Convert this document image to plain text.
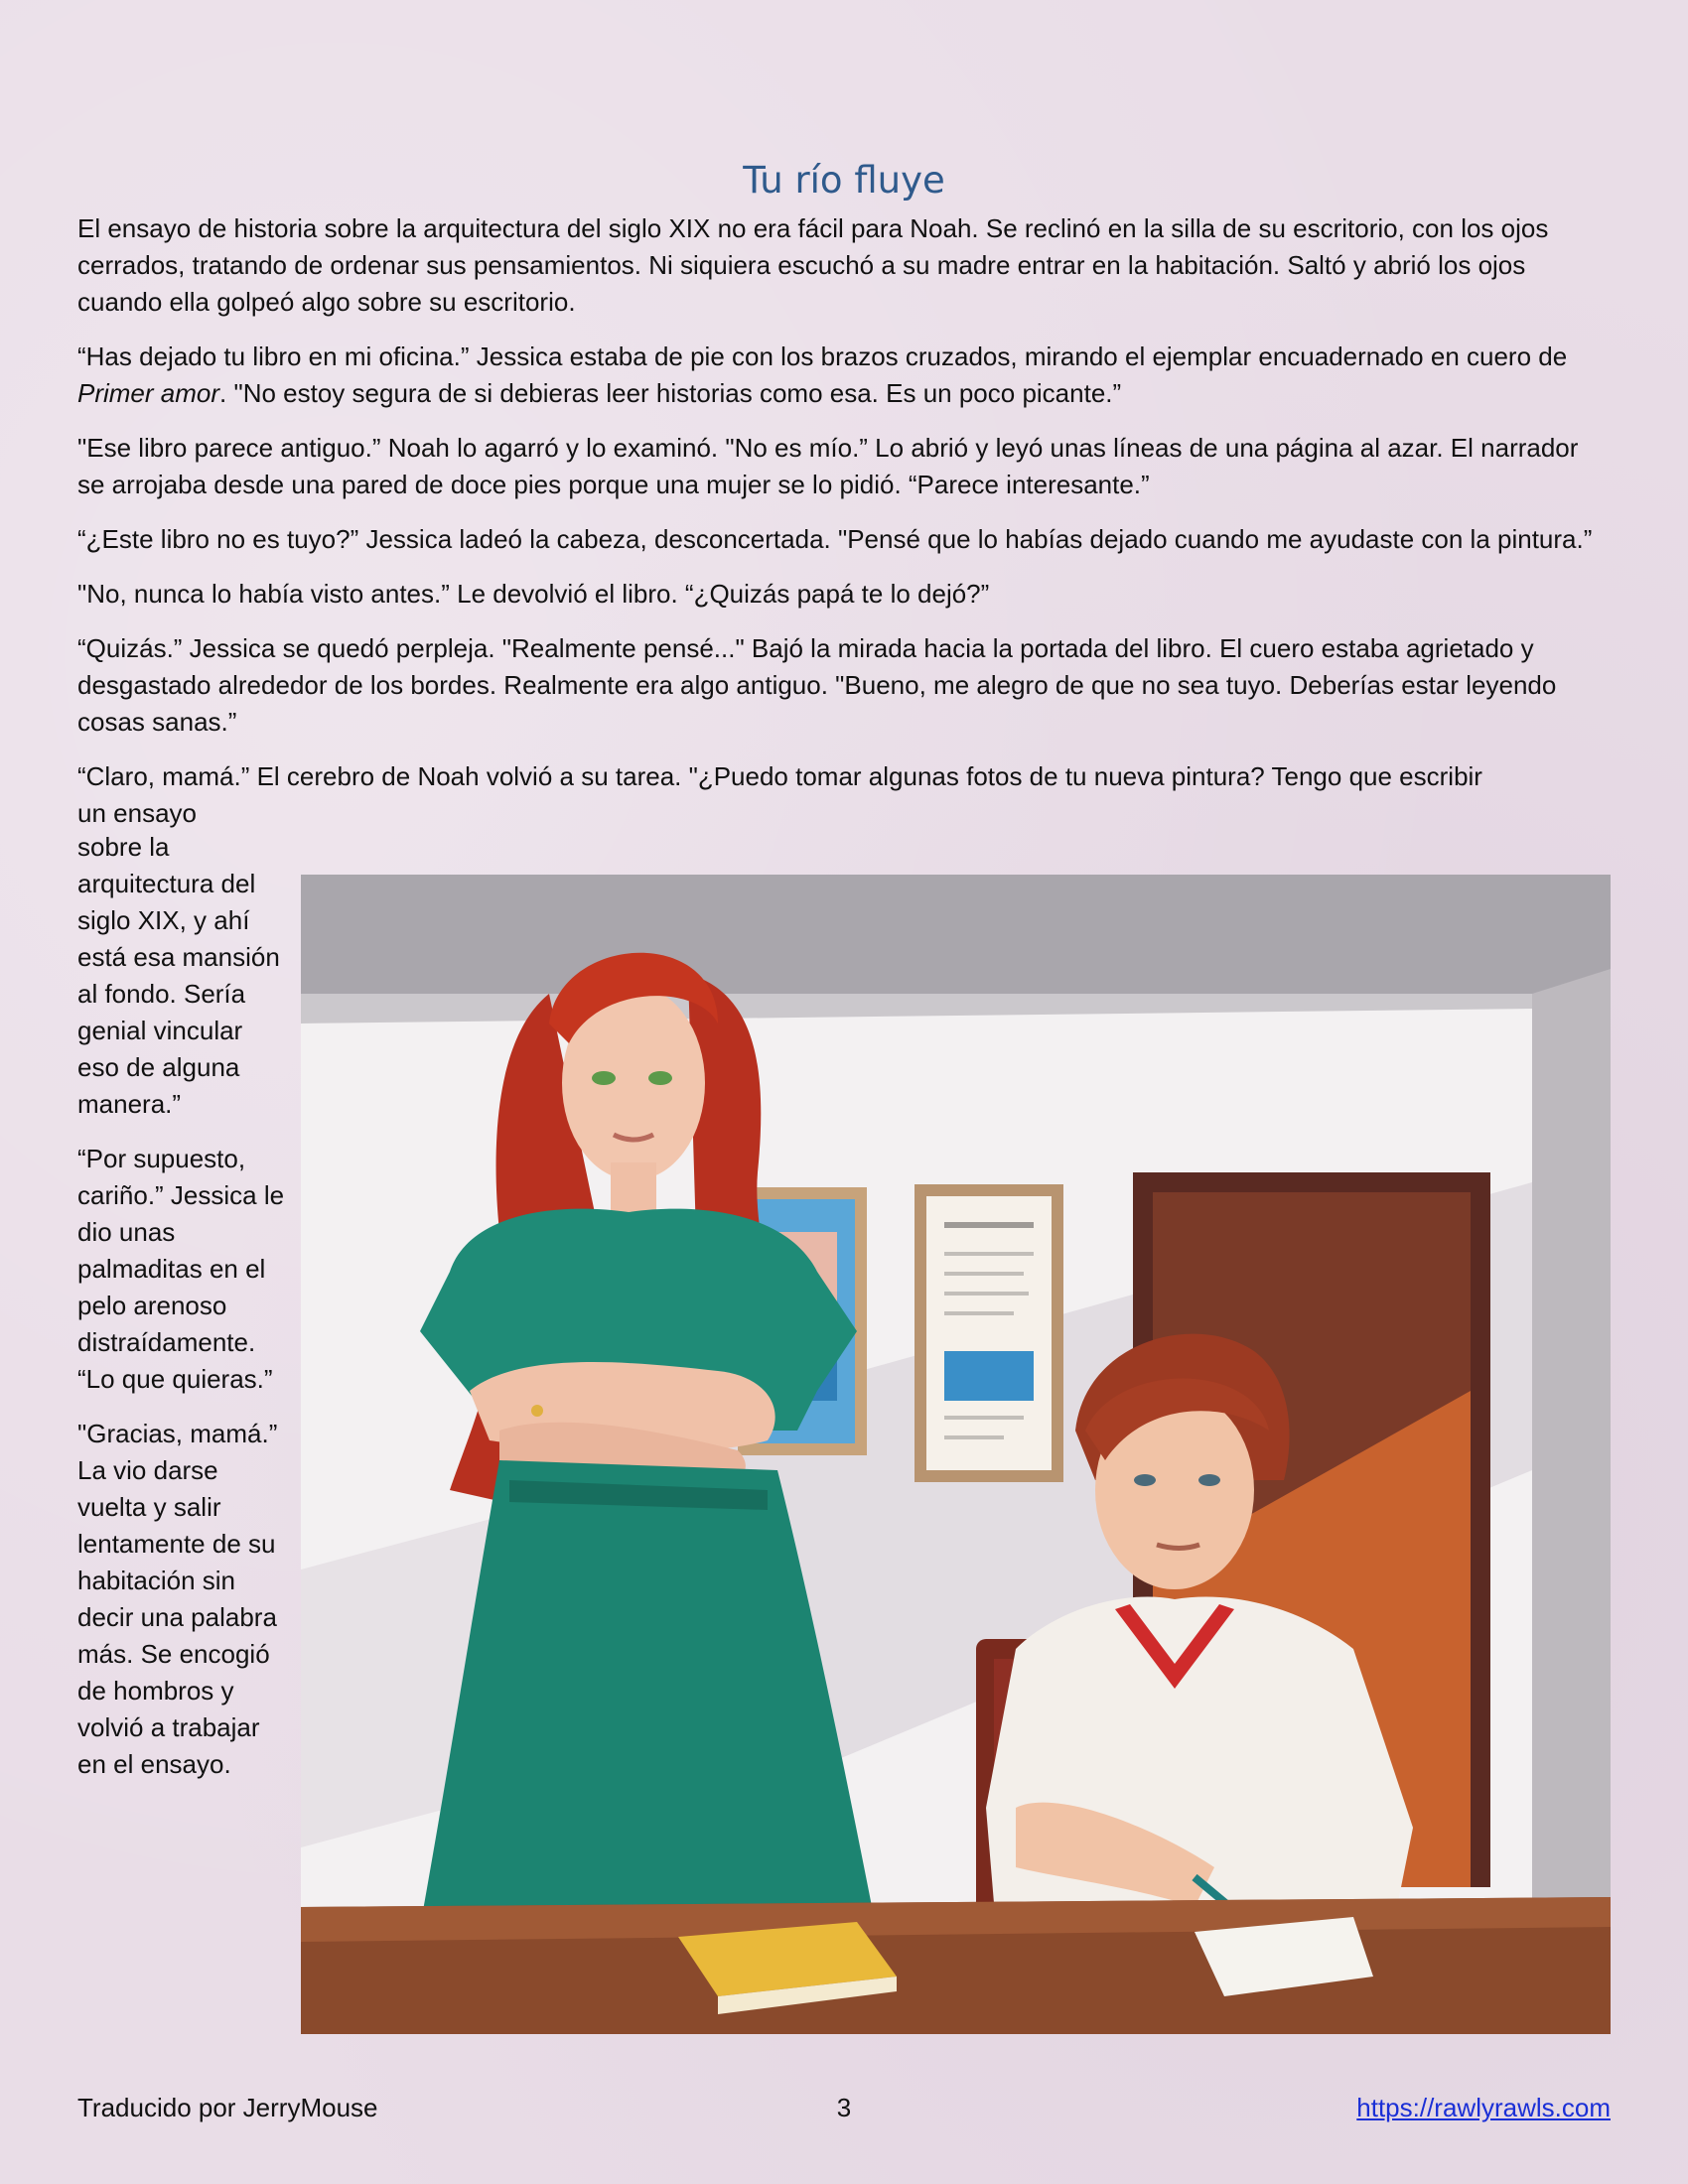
Tu río fluye

El ensayo de historia sobre la arquitectura del siglo XIX no era fácil para Noah. Se reclinó en la silla de su escritorio, con los ojos cerrados, tratando de ordenar sus pensamientos. Ni siquiera escuchó a su madre entrar en la habitación. Saltó y abrió los ojos cuando ella golpeó algo sobre su escritorio.

“Has dejado tu libro en mi oficina.” Jessica estaba de pie con los brazos cruzados, mirando el ejemplar encuadernado en cuero de Primer amor. "No estoy segura de si debieras leer historias como esa. Es un poco picante.”

"Ese libro parece antiguo.” Noah lo agarró y lo examinó. "No es mío.” Lo abrió y leyó unas líneas de una página al azar. El narrador se arrojaba desde una pared de doce pies porque una mujer se lo pidió. “Parece interesante.”

“¿Este libro no es tuyo?” Jessica ladeó la cabeza, desconcertada. "Pensé que lo habías dejado cuando me ayudaste con la pintura.”

"No, nunca lo había visto antes.” Le devolvió el libro. “¿Quizás papá te lo dejó?”

“Quizás.” Jessica se quedó perpleja. "Realmente pensé..." Bajó la mirada hacia la portada del libro. El cuero estaba agrietado y desgastado alrededor de los bordes. Realmente era algo antiguo. "Bueno, me alegro de que no sea tuyo. Deberías estar leyendo cosas sanas.”

“Claro, mamá.” El cerebro de Noah volvió a su tarea. "¿Puedo tomar algunas fotos de tu nueva pintura? Tengo que escribir
un ensayo

sobre la arquitectura del siglo XIX, y ahí está esa mansión al fondo. Sería genial vincular eso de alguna manera.”

“Por supuesto, cariño.” Jessica le dio unas palmaditas en el pelo arenoso distraídamente. “Lo que quieras.”

"Gracias, mamá.” La vio darse vuelta y salir lentamente de su habitación sin decir una palabra más. Se encogió de hombros y volvió a trabajar en el ensayo.

Traducido por JerryMouse	3	https://rawlyrawls.com
